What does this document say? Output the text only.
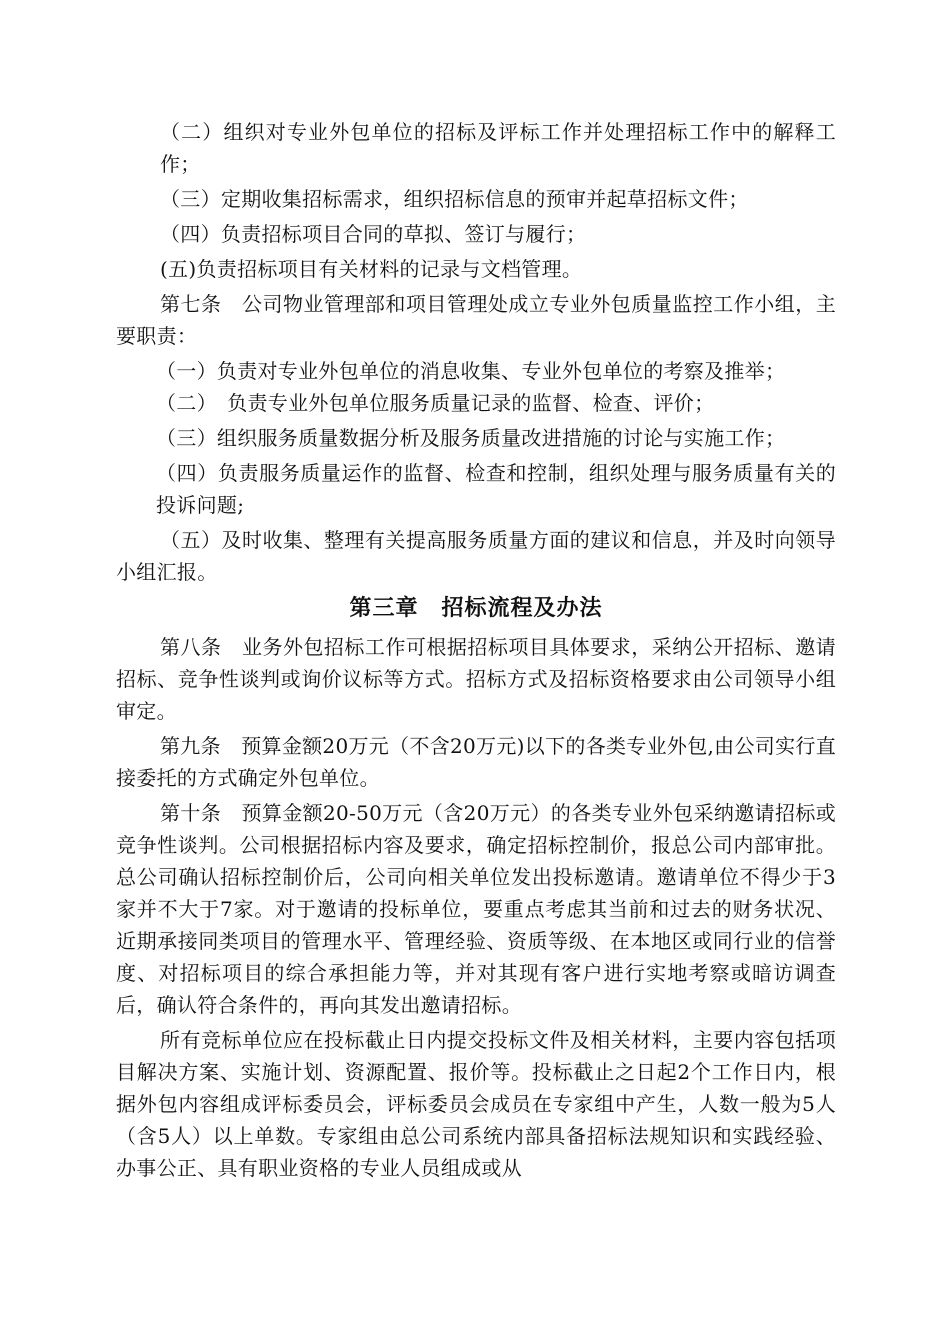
（二）组织对专业外包单位的招标及评标工作并处理招标工作中的解释工作；

（三）定期收集招标需求，组织招标信息的预审并起草招标文件；

（四）负责招标项目合同的草拟、签订与履行；

(五)负责招标项目有关材料的记录与文档管理。

第七条　公司物业管理部和项目管理处成立专业外包质量监控工作小组，主要职责：

（一）负责对专业外包单位的消息收集、专业外包单位的考察及推举；

（二）　负责专业外包单位服务质量记录的监督、检查、评价；

（三）组织服务质量数据分析及服务质量改进措施的讨论与实施工作；

（四）负责服务质量运作的监督、检查和控制，组织处理与服务质量有关的投诉问题;

（五）及时收集、整理有关提高服务质量方面的建议和信息，并及时向领导小组汇报。

第三章　招标流程及办法

第八条　业务外包招标工作可根据招标项目具体要求，采纳公开招标、邀请招标、竞争性谈判或询价议标等方式。招标方式及招标资格要求由公司领导小组审定。

第九条　预算金额20万元（不含20万元)以下的各类专业外包,由公司实行直接委托的方式确定外包单位。

第十条　预算金额20-50万元（含20万元）的各类专业外包采纳邀请招标或竞争性谈判。公司根据招标内容及要求，确定招标控制价，报总公司内部审批。总公司确认招标控制价后，公司向相关单位发出投标邀请。邀请单位不得少于3家并不大于7家。对于邀请的投标单位，要重点考虑其当前和过去的财务状况、近期承接同类项目的管理水平、管理经验、资质等级、在本地区或同行业的信誉度、对招标项目的综合承担能力等，并对其现有客户进行实地考察或暗访调查后，确认符合条件的，再向其发出邀请招标。

所有竞标单位应在投标截止日内提交投标文件及相关材料，主要内容包括项目解决方案、实施计划、资源配置、报价等。投标截止之日起2个工作日内，根据外包内容组成评标委员会，评标委员会成员在专家组中产生，人数一般为5人（含5人）以上单数。专家组由总公司系统内部具备招标法规知识和实践经验、办事公正、具有职业资格的专业人员组成或从
